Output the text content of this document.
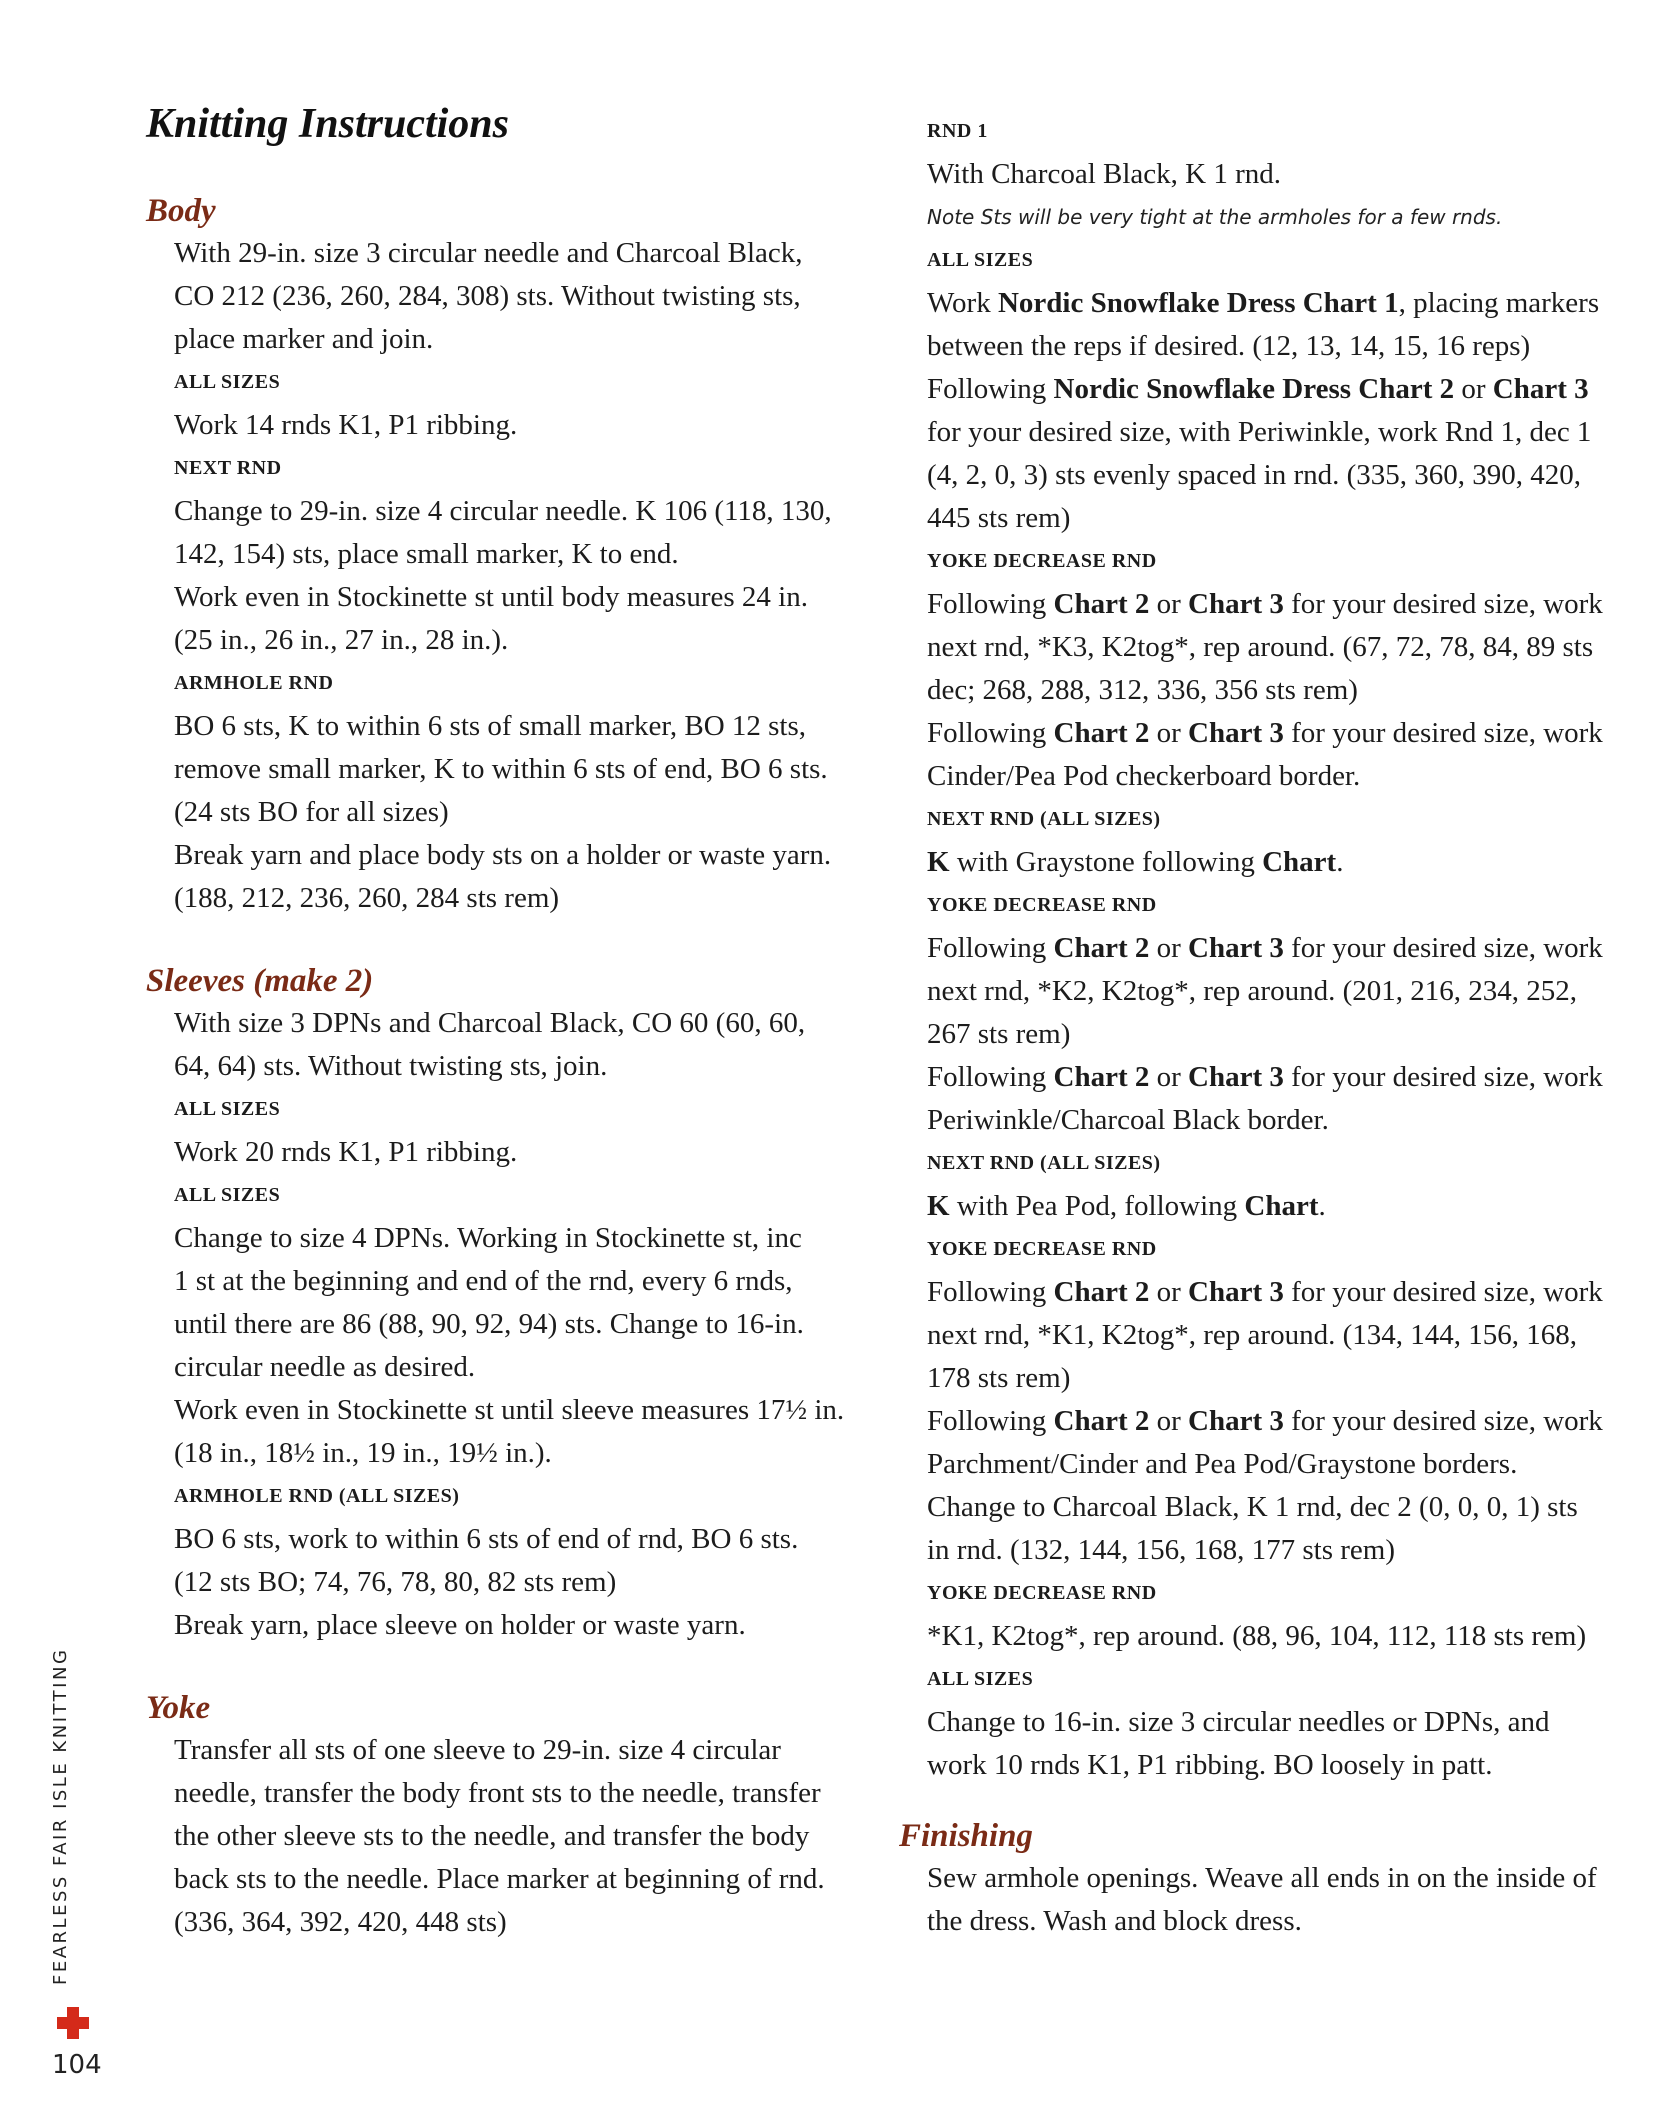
Knitting Instructions
Body
With 29-in. size 3 circular needle and Charcoal Black,
CO 212 (236, 260, 284, 308) sts. Without twisting sts,
place marker and join.
ALL SIZES
Work 14 rnds K1, P1 ribbing.
NEXT RND
Change to 29-in. size 4 circular needle. K 106 (118, 130,
142, 154) sts, place small marker, K to end.
Work even in Stockinette st until body measures 24 in.
(25 in., 26 in., 27 in., 28 in.).
ARMHOLE RND
BO 6 sts, K to within 6 sts of small marker, BO 12 sts,
remove small marker, K to within 6 sts of end, BO 6 sts.
(24 sts BO for all sizes)
Break yarn and place body sts on a holder or waste yarn.
(188, 212, 236, 260, 284 sts rem)
Sleeves (make 2)
With size 3 DPNs and Charcoal Black, CO 60 (60, 60,
64, 64) sts. Without twisting sts, join.
ALL SIZES
Work 20 rnds K1, P1 ribbing.
ALL SIZES
Change to size 4 DPNs. Working in Stockinette st, inc
1 st at the beginning and end of the rnd, every 6 rnds,
until there are 86 (88, 90, 92, 94) sts. Change to 16-in.
circular needle as desired.
Work even in Stockinette st until sleeve measures 17½ in.
(18 in., 18½ in., 19 in., 19½ in.).
ARMHOLE RND (ALL SIZES)
BO 6 sts, work to within 6 sts of end of rnd, BO 6 sts.
(12 sts BO; 74, 76, 78, 80, 82 sts rem)
Break yarn, place sleeve on holder or waste yarn.
Yoke
Transfer all sts of one sleeve to 29-in. size 4 circular
needle, transfer the body front sts to the needle, transfer
the other sleeve sts to the needle, and transfer the body
back sts to the needle. Place marker at beginning of rnd.
(336, 364, 392, 420, 448 sts)
RND 1
With Charcoal Black, K 1 rnd.
Note Sts will be very tight at the armholes for a few rnds.
ALL SIZES
Work Nordic Snowflake Dress Chart 1, placing markers
between the reps if desired. (12, 13, 14, 15, 16 reps)
Following Nordic Snowflake Dress Chart 2 or Chart 3
for your desired size, with Periwinkle, work Rnd 1, dec 1
(4, 2, 0, 3) sts evenly spaced in rnd. (335, 360, 390, 420,
445 sts rem)
YOKE DECREASE RND
Following Chart 2 or Chart 3 for your desired size, work
next rnd, *K3, K2tog*, rep around. (67, 72, 78, 84, 89 sts
dec; 268, 288, 312, 336, 356 sts rem)
Following Chart 2 or Chart 3 for your desired size, work
Cinder/Pea Pod checkerboard border.
NEXT RND (ALL SIZES)
K with Graystone following Chart.
YOKE DECREASE RND
Following Chart 2 or Chart 3 for your desired size, work
next rnd, *K2, K2tog*, rep around. (201, 216, 234, 252,
267 sts rem)
Following Chart 2 or Chart 3 for your desired size, work
Periwinkle/Charcoal Black border.
NEXT RND (ALL SIZES)
K with Pea Pod, following Chart.
YOKE DECREASE RND
Following Chart 2 or Chart 3 for your desired size, work
next rnd, *K1, K2tog*, rep around. (134, 144, 156, 168,
178 sts rem)
Following Chart 2 or Chart 3 for your desired size, work
Parchment/Cinder and Pea Pod/Graystone borders.
Change to Charcoal Black, K 1 rnd, dec 2 (0, 0, 0, 1) sts
in rnd. (132, 144, 156, 168, 177 sts rem)
YOKE DECREASE RND
*K1, K2tog*, rep around. (88, 96, 104, 112, 118 sts rem)
ALL SIZES
Change to 16-in. size 3 circular needles or DPNs, and
work 10 rnds K1, P1 ribbing. BO loosely in patt.
Finishing
Sew armhole openings. Weave all ends in on the inside of
the dress. Wash and block dress.
FEARLESS FAIR ISLE KNITTING
104
